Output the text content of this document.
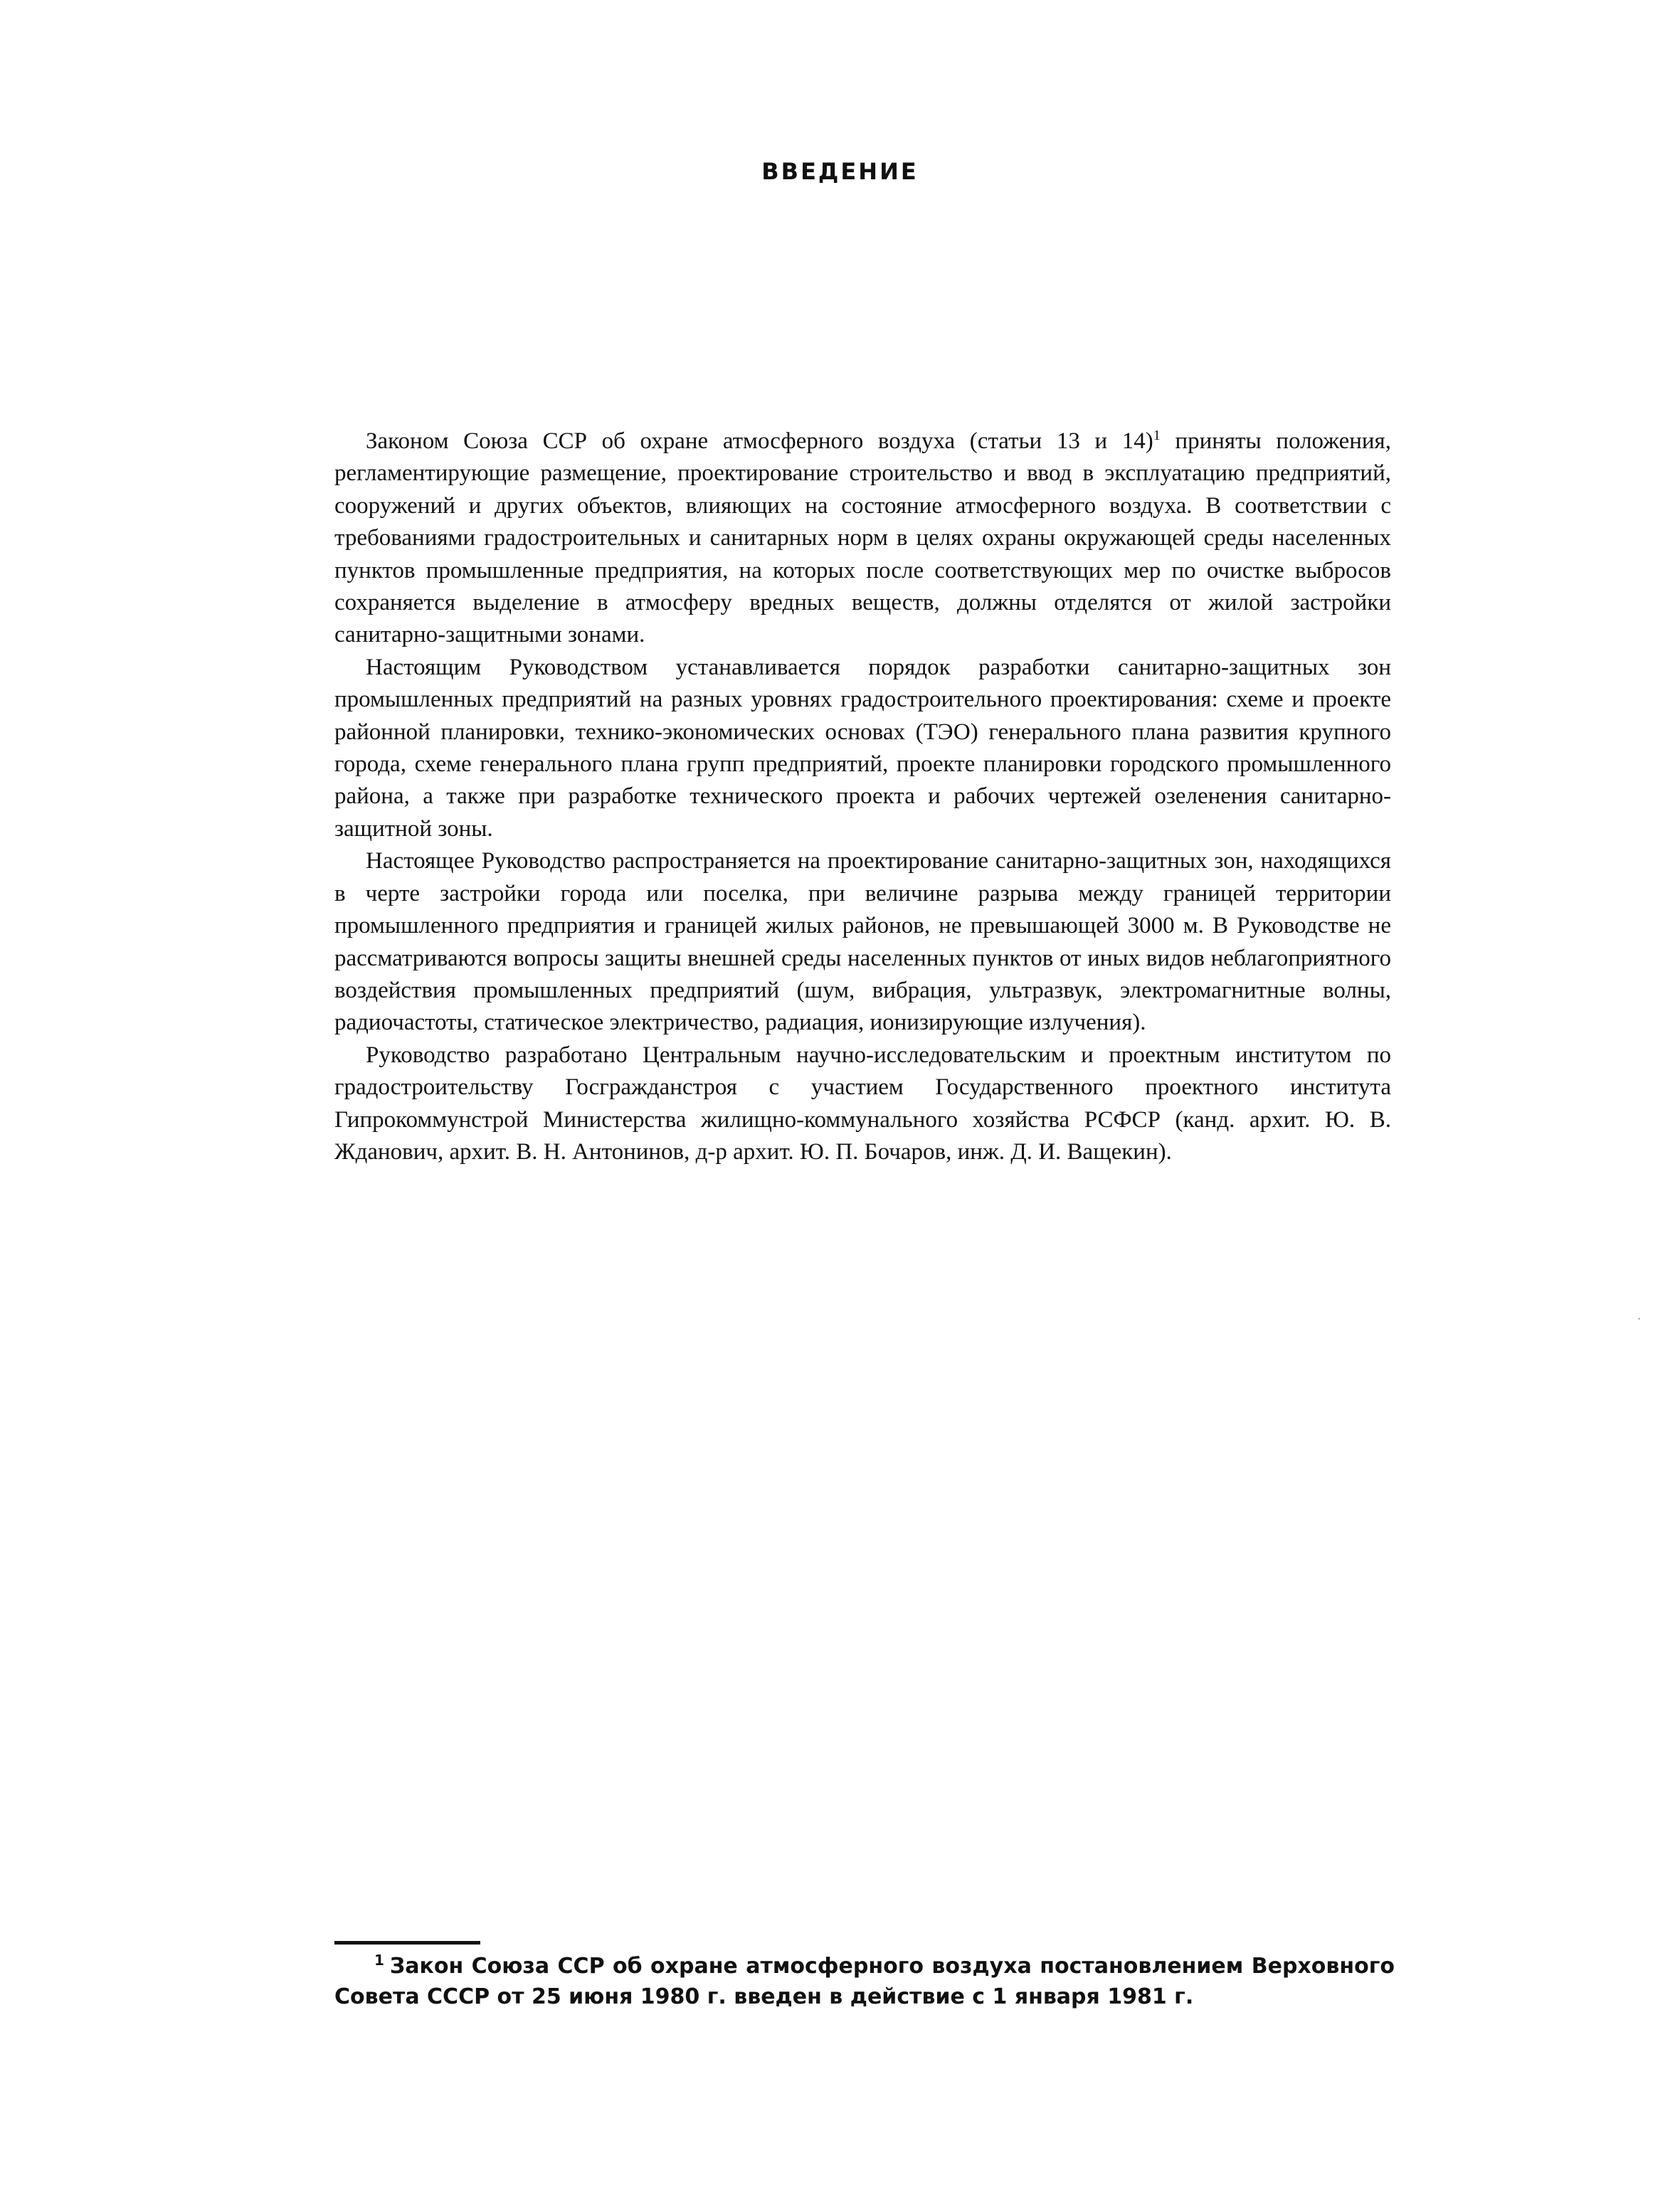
ВВЕДЕНИЕ

Законом Союза ССР об охране атмосферного воздуха (статьи 13 и 14)$^1$ приняты положения, регламентирующие размещение, проектирование строительство и ввод в эксплуатацию предприятий, сооружений и других объектов, влияющих на состояние атмосферного воздуха. В соответствии с требованиями градостроительных и санитарных норм в целях охраны окружающей среды населенных пунктов промышленные предприятия, на которых после соответствующих мер по очистке выбросов сохраняется выделение в атмосферу вредных веществ, должны отделятся от жилой застройки санитарно-защитными зонами.

Настоящим Руководством устанавливается порядок разработки санитарно-защитных зон промышленных предприятий на разных уровнях градостроительного проектирования: схеме и проекте районной планировки, технико-экономических основах (ТЭО) генерального плана развития крупного города, схеме генерального плана групп предприятий, проекте планировки городского промышленного района, а также при разработке технического проекта и рабочих чертежей озеленения санитарно-защитной зоны.

Настоящее Руководство распространяется на проектирование санитарно-защитных зон, находящихся в черте застройки города или поселка, при величине разрыва между границей территории промышленного предприятия и границей жилых районов, не превышающей 3000 м. В Руководстве не рассматриваются вопросы защиты внешней среды населенных пунктов от иных видов неблагоприятного воздействия промышленных предприятий (шум, вибрация, ультразвук, электромагнитные волны, радиочастоты, статическое электричество, радиация, ионизирующие излучения).

Руководство разработано Центральным научно-исследовательским и проектным институтом по градостроительству Госгражданстроя с участием Государственного проектного института Гипрокоммунстрой Министерства жилищно-коммунального хозяйства РСФСР (канд. архит. Ю. В. Жданович, архит. В. Н. Антонинов, д-р архит. Ю. П. Бочаров, инж. Д. И. Ващекин).

$^1$ Закон Союза ССР об охране атмосферного воздуха постановлением Верховного Совета СССР от 25 июня 1980 г. введен в действие с 1 января 1981 г.
